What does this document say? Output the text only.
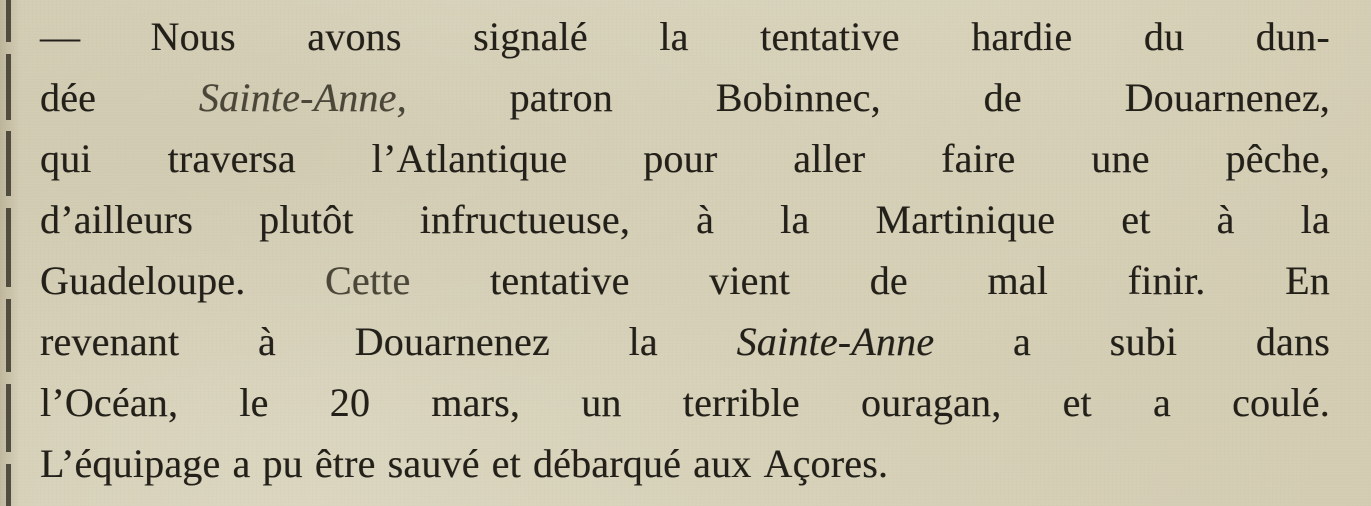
— Nous avons signalé la tentative hardie du dun-
dée	Sainte-Anne,	patron	Bobinnec,	de	Douarnenez,
qui traversa l’Atlantique pour aller faire une pêche,
d’ailleurs plutôt infructueuse, à la Martinique et à la
Guadeloupe. Cette tentative vient de mal finir. En
revenant à Douarnenez la Sainte-Anne a subi dans
l’Océan, le 20 mars, un terrible ouragan, et a coulé.
L’équipage a pu être sauvé et débarqué aux Açores.
